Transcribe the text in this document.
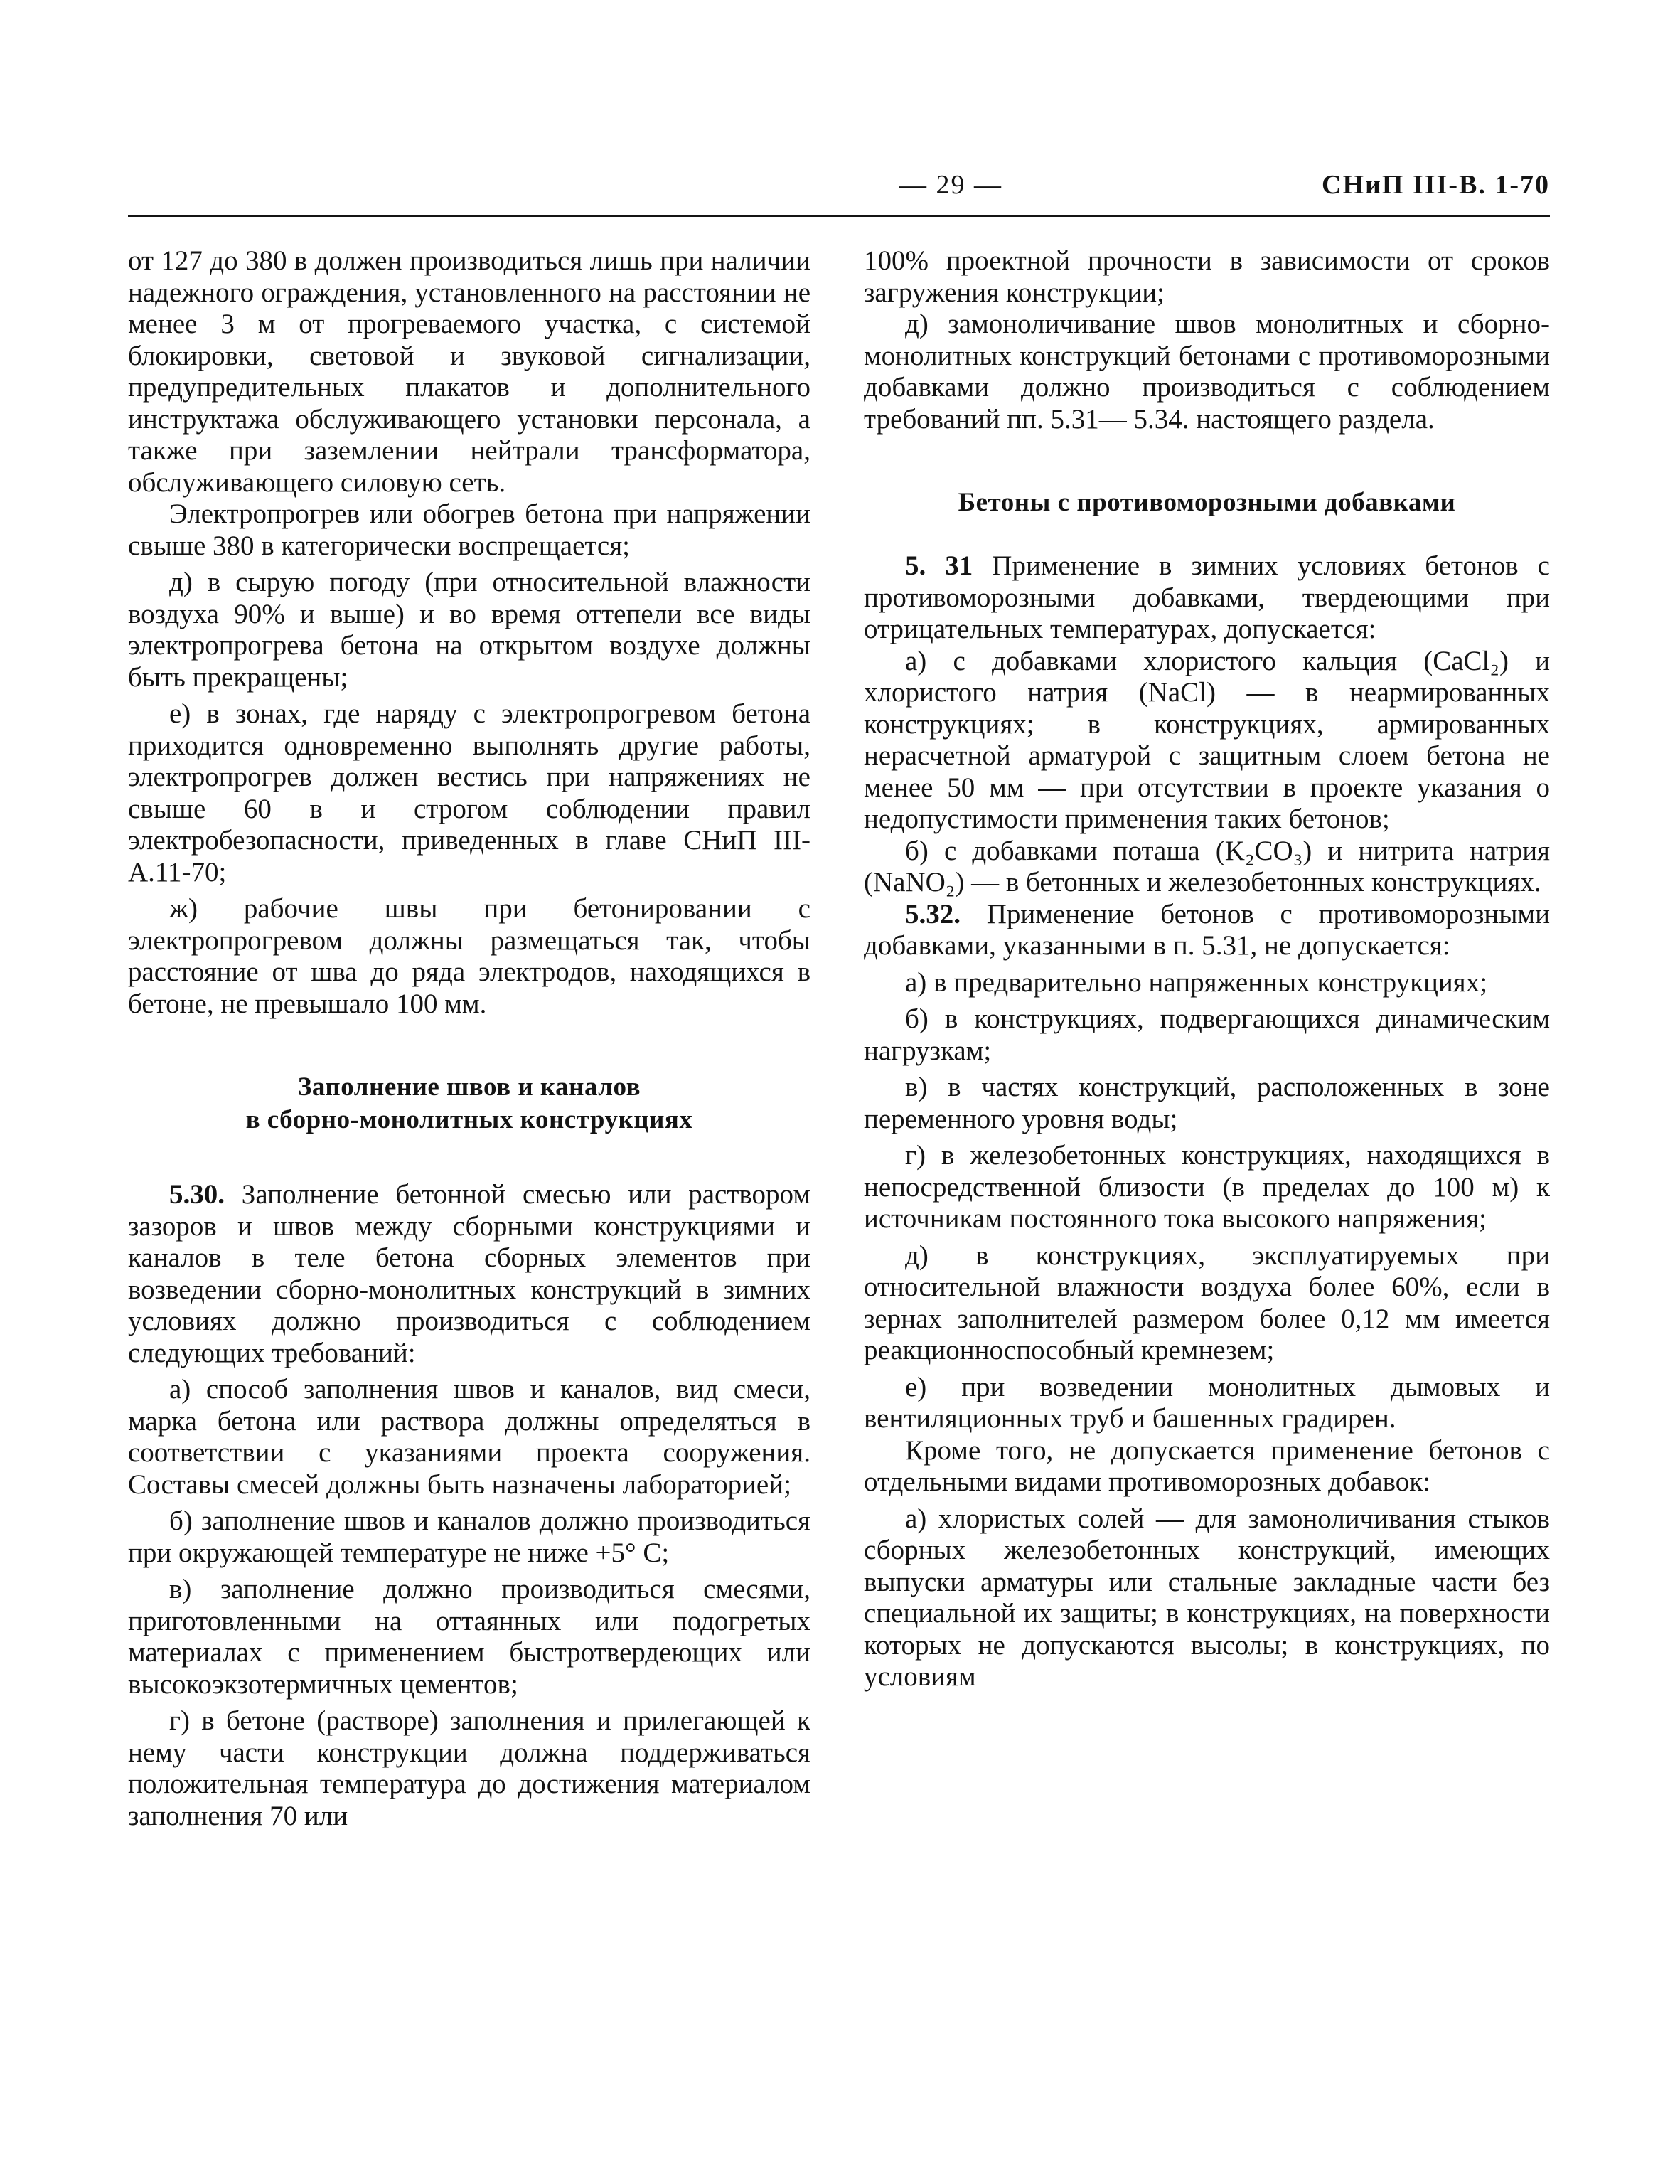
— 29 —	СНиП III-В. 1-70

от 127 до 380 в должен производиться лишь при наличии надежного ограждения, установленного на расстоянии не менее 3 м от прогреваемого участка, с системой блокировки, световой и звуковой сигнализации, предупредительных плакатов и дополнительного инструктажа обслуживающего установки персонала, а также при заземлении нейтрали трансформатора, обслуживающего силовую сеть.

Электропрогрев или обогрев бетона при напряжении свыше 380 в категорически воспрещается;

д) в сырую погоду (при относительной влажности воздуха 90% и выше) и во время оттепели все виды электропрогрева бетона на открытом воздухе должны быть прекращены;

е) в зонах, где наряду с электропрогревом бетона приходится одновременно выполнять другие работы, электропрогрев должен вестись при напряжениях не свыше 60 в и строгом соблюдении правил электробезопасности, приведенных в главе СНиП III-А.11-70;

ж) рабочие швы при бетонировании с электропрогревом должны размещаться так, чтобы расстояние от шва до ряда электродов, находящихся в бетоне, не превышало 100 мм.

Заполнение швов и каналов
в сборно-монолитных конструкциях

5.30. Заполнение бетонной смесью или раствором зазоров и швов между сборными конструкциями и каналов в теле бетона сборных элементов при возведении сборно-монолитных конструкций в зимних условиях должно производиться с соблюдением следующих требований:

а) способ заполнения швов и каналов, вид смеси, марка бетона или раствора должны определяться в соответствии с указаниями проекта сооружения. Составы смесей должны быть назначены лабораторией;

б) заполнение швов и каналов должно производиться при окружающей температуре не ниже +5° С;

в) заполнение должно производиться смесями, приготовленными на оттаянных или подогретых материалах с применением быстротвердеющих или высокоэкзотермичных цементов;

г) в бетоне (растворе) заполнения и прилегающей к нему части конструкции должна поддерживаться положительная температура до достижения материалом заполнения 70 или

100% проектной прочности в зависимости от сроков загружения конструкции;

д) замоноличивание швов монолитных и сборно-монолитных конструкций бетонами с противоморозными добавками должно производиться с соблюдением требований пп. 5.31— 5.34. настоящего раздела.

Бетоны с противоморозными добавками

5. 31 Применение в зимних условиях бетонов с противоморозными добавками, твердеющими при отрицательных температурах, допускается:

а) с добавками хлористого кальция (CaCl₂) и хлористого натрия (NaCl) — в неармированных конструкциях; в конструкциях, армированных нерасчетной арматурой с защитным слоем бетона не менее 50 мм — при отсутствии в проекте указания о недопустимости применения таких бетонов;

б) с добавками поташа (K₂CO₃) и нитрита натрия (NaNO₂) — в бетонных и железобетонных конструкциях.

5.32. Применение бетонов с противоморозными добавками, указанными в п. 5.31, не допускается:

а) в предварительно напряженных конструкциях;

б) в конструкциях, подвергающихся динамическим нагрузкам;

в) в частях конструкций, расположенных в зоне переменного уровня воды;

г) в железобетонных конструкциях, находящихся в непосредственной близости (в пределах до 100 м) к источникам постоянного тока высокого напряжения;

д) в конструкциях, эксплуатируемых при относительной влажности воздуха более 60%, если в зернах заполнителей размером более 0,12 мм имеется реакционноспособный кремнезем;

е) при возведении монолитных дымовых и вентиляционных труб и башенных градирен.

Кроме того, не допускается применение бетонов с отдельными видами противоморозных добавок:

а) хлористых солей — для замоноличивания стыков сборных железобетонных конструкций, имеющих выпуски арматуры или стальные закладные части без специальной их защиты; в конструкциях, на поверхности которых не допускаются высолы; в конструкциях, по условиям
